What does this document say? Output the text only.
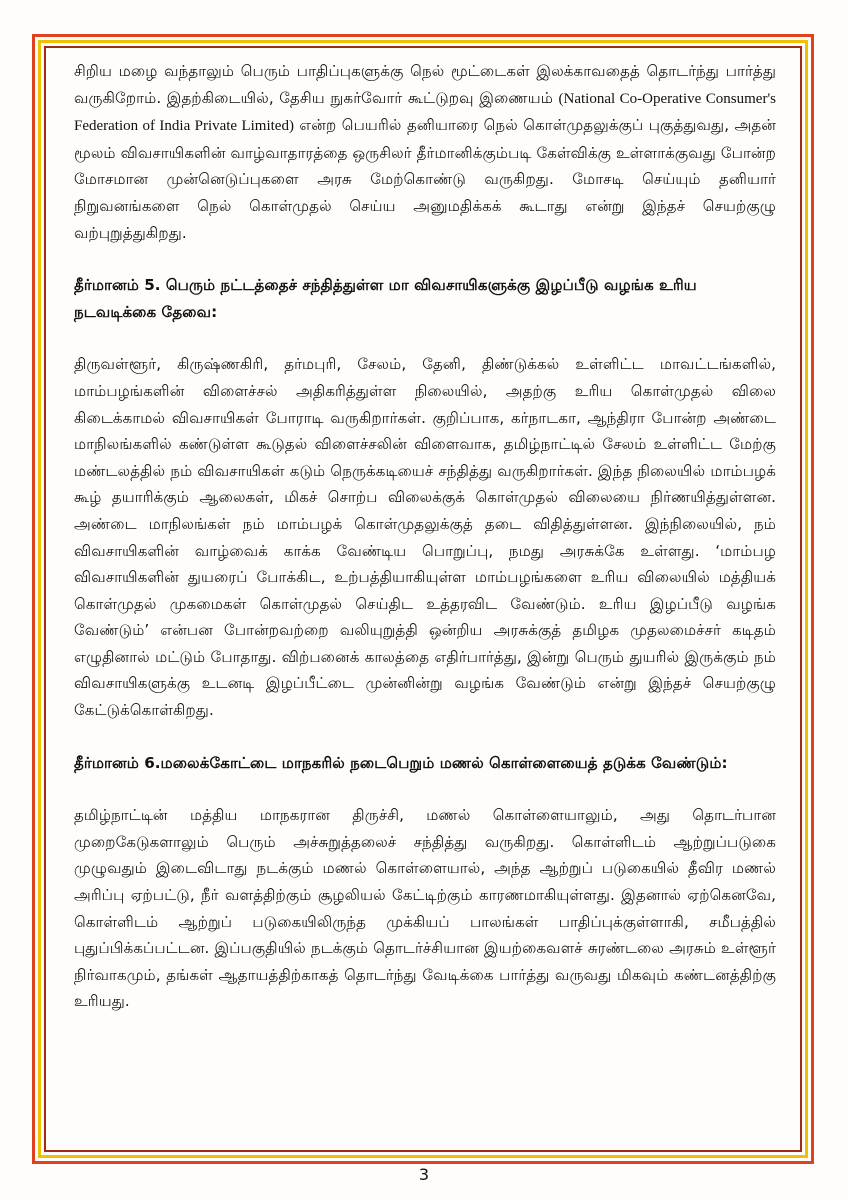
சிறிய மழை வந்தாலும் பெரும் பாதிப்புகளுக்கு நெல் மூட்டைகள் இலக்காவதைத் தொடர்ந்து பார்த்து வருகிறோம். இதற்கிடையில், தேசிய நுகர்வோர் கூட்டுறவு இணையம் (National Co-Operative Consumer's Federation of India Private Limited) என்ற பெயரில் தனியாரை நெல் கொள்முதலுக்குப் புகுத்துவது, அதன் மூலம் விவசாயிகளின் வாழ்வாதாரத்தை ஒருசிலர் தீர்மானிக்கும்படி கேள்விக்கு உள்ளாக்குவது போன்ற மோசமான முன்னெடுப்புகளை அரசு மேற்கொண்டு வருகிறது. மோசடி செய்யும் தனியார் நிறுவனங்களை நெல் கொள்முதல் செய்ய அனுமதிக்கக் கூடாது என்று இந்தச் செயற்குழு வற்புறுத்துகிறது.

தீர்மானம் 5. பெரும் நட்டத்தைச் சந்தித்துள்ள மா விவசாயிகளுக்கு இழப்பீடு வழங்க உரிய நடவடிக்கை தேவை:

திருவள்ளூர், கிருஷ்ணகிரி, தர்மபுரி, சேலம், தேனி, திண்டுக்கல் உள்ளிட்ட மாவட்டங்களில், மாம்பழங்களின் விளைச்சல் அதிகரித்துள்ள நிலையில், அதற்கு உரிய கொள்முதல் விலை கிடைக்காமல் விவசாயிகள் போராடி வருகிறார்கள். குறிப்பாக, கர்நாடகா, ஆந்திரா போன்ற அண்டை மாநிலங்களில் கண்டுள்ள கூடுதல் விளைச்சலின் விளைவாக, தமிழ்நாட்டில் சேலம் உள்ளிட்ட மேற்கு மண்டலத்தில் நம் விவசாயிகள் கடும் நெருக்கடியைச் சந்தித்து வருகிறார்கள். இந்த நிலையில் மாம்பழக் கூழ் தயாரிக்கும் ஆலைகள், மிகச் சொற்ப விலைக்குக் கொள்முதல் விலையை நிர்ணயித்துள்ளன. அண்டை மாநிலங்கள் நம் மாம்பழக் கொள்முதலுக்குத் தடை விதித்துள்ளன. இந்நிலையில், நம் விவசாயிகளின் வாழ்வைக் காக்க வேண்டிய பொறுப்பு, நமது அரசுக்கே உள்ளது. ‘மாம்பழ விவசாயிகளின் துயரைப் போக்கிட, உற்பத்தியாகியுள்ள மாம்பழங்களை உரிய விலையில் மத்தியக் கொள்முதல் முகமைகள் கொள்முதல் செய்திட உத்தரவிட வேண்டும். உரிய இழப்பீடு வழங்க வேண்டும்’ என்பன போன்றவற்றை வலியுறுத்தி ஒன்றிய அரசுக்குத் தமிழக முதலமைச்சர் கடிதம் எழுதினால் மட்டும் போதாது. விற்பனைக் காலத்தை எதிர்பார்த்து, இன்று பெரும் துயரில் இருக்கும் நம் விவசாயிகளுக்கு உடனடி இழப்பீட்டை முன்னின்று வழங்க வேண்டும் என்று இந்தச் செயற்குழு கேட்டுக்கொள்கிறது.

தீர்மானம் 6.மலைக்கோட்டை மாநகரில் நடைபெறும் மணல் கொள்ளையைத் தடுக்க வேண்டும்:

தமிழ்நாட்டின் மத்திய மாநகரான திருச்சி, மணல் கொள்ளையாலும், அது தொடர்பான முறைகேடுகளாலும் பெரும் அச்சுறுத்தலைச் சந்தித்து வருகிறது. கொள்ளிடம் ஆற்றுப்படுகை முழுவதும் இடைவிடாது நடக்கும் மணல் கொள்ளையால், அந்த ஆற்றுப் படுகையில் தீவிர மணல் அரிப்பு ஏற்பட்டு, நீர் வளத்திற்கும் சூழலியல் கேட்டிற்கும் காரணமாகியுள்ளது. இதனால் ஏற்கெனவே, கொள்ளிடம் ஆற்றுப் படுகையிலிருந்த முக்கியப் பாலங்கள் பாதிப்புக்குள்ளாகி, சமீபத்தில் புதுப்பிக்கப்பட்டன. இப்பகுதியில் நடக்கும் தொடர்ச்சியான இயற்கைவளச் சுரண்டலை அரசும் உள்ளூர் நிர்வாகமும், தங்கள் ஆதாயத்திற்காகத் தொடர்ந்து வேடிக்கை பார்த்து வருவது மிகவும் கண்டனத்திற்கு உரியது.

3
